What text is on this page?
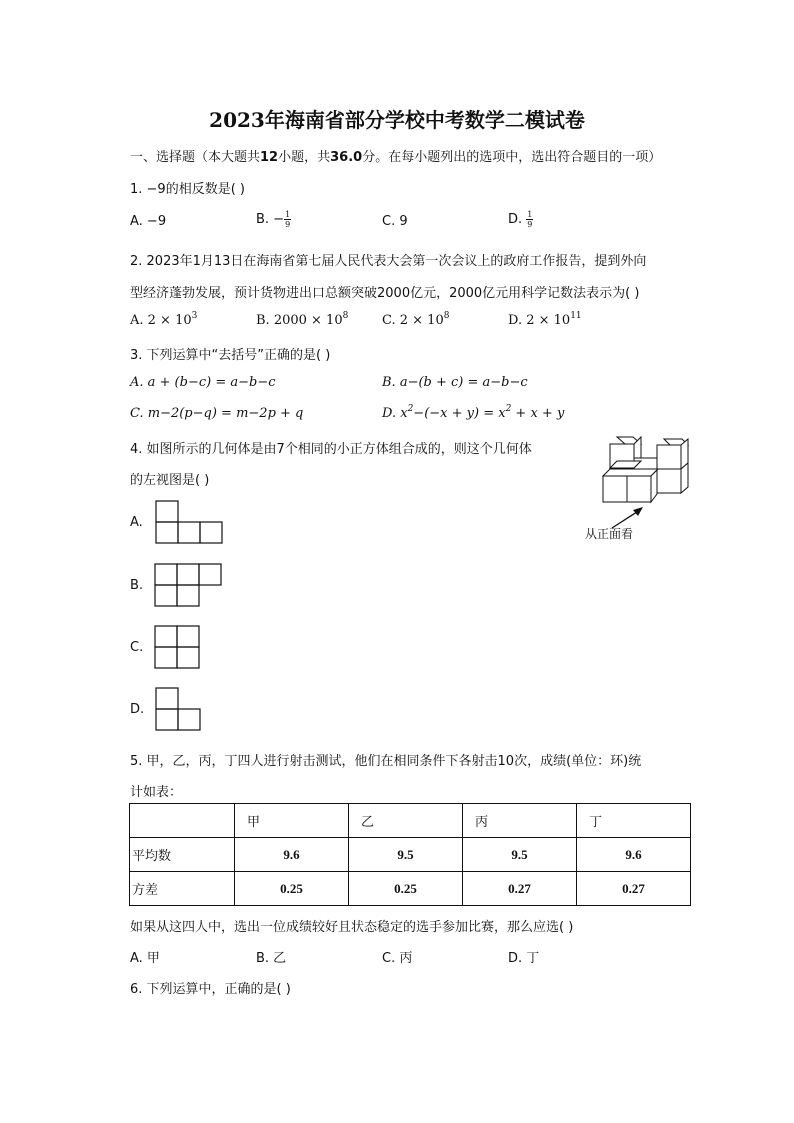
2023年海南省部分学校中考数学二模试卷
一、选择题（本大题共12小题，共36.0分。在每小题列出的选项中，选出符合题目的一项）
1. −9的相反数是( )
A. −9	B. − $\frac{1}{9}$	C. 9	D. $\frac{1}{9}$
2. 2023年1月13日在海南省第七届人民代表大会第一次会议上的政府工作报告，提到外向
型经济蓬勃发展，预计货物进出口总额突破2000亿元，2000亿元用科学记数法表示为( )
A. $2 \times 10^3$	B. $2000 \times 10^8$	C. $2 \times 10^8$	D. $2 \times 10^{11}$
3. 下列运算中“去括号”正确的是( )
A. a + (b−c) = a−b−c	B. a−(b + c) = a−b−c
C. m−2(p−q) = m−2p + q	D. $x^2-(-x + y) = x^2 + x + y$
4. 如图所示的几何体是由7个相同的小正方体组合成的，则这个几何体
的左视图是( )
从正面看
A.
B.
C.
D.
5. 甲，乙，丙，丁四人进行射击测试，他们在相同条件下各射击10次，成绩(单位：环)统
计如表：
	甲	乙	丙	丁
平均数	9.6	9.5	9.5	9.6
方差	0.25	0.25	0.27	0.27
如果从这四人中，选出一位成绩较好且状态稳定的选手参加比赛，那么应选( )
A. 甲	B. 乙	C. 丙	D. 丁
6. 下列运算中，正确的是( )
